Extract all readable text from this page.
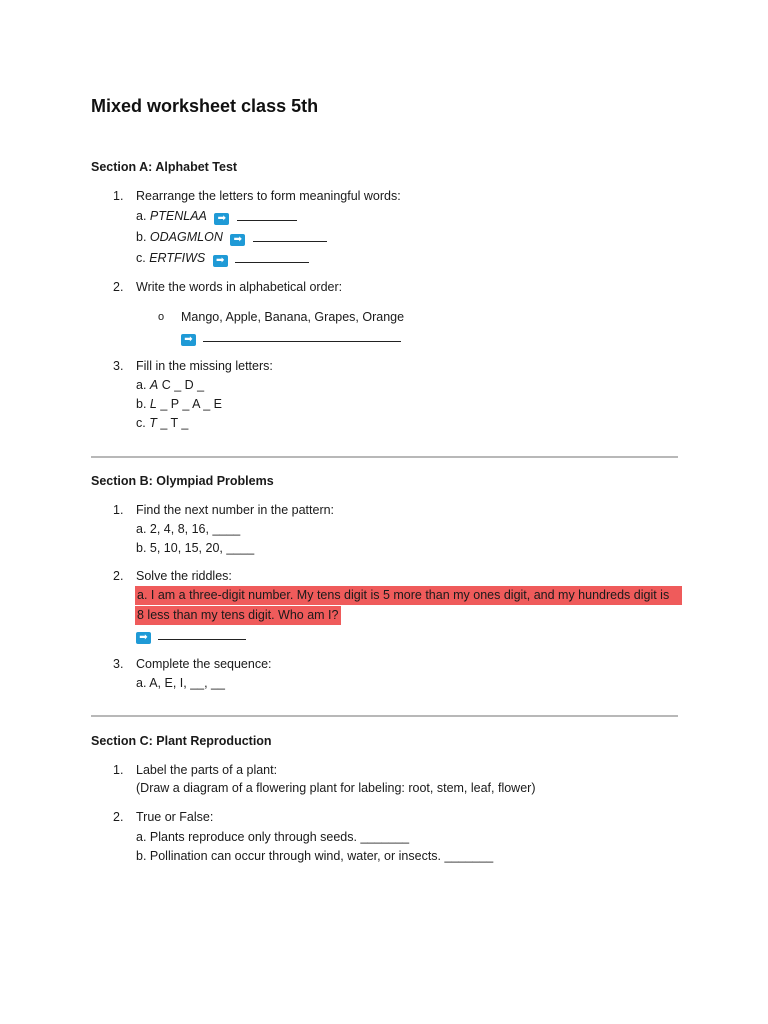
Mixed worksheet class 5th
Section A: Alphabet Test
1. Rearrange the letters to form meaningful words:
a. PTENLAA ➡
b. ODAGMLON ➡
c. ERTFIWS ➡
2. Write the words in alphabetical order:
o Mango, Apple, Banana, Grapes, Orange
➡
3. Fill in the missing letters:
a. A C _ D _
b. L _ P _ A _ E
c. T _ T _
Section B: Olympiad Problems
1. Find the next number in the pattern:
a. 2, 4, 8, 16, ____
b. 5, 10, 15, 20, ____
2. Solve the riddles:
a. I am a three-digit number. My tens digit is 5 more than my ones digit, and my hundreds digit is
8 less than my tens digit. Who am I?
➡
3. Complete the sequence:
a. A, E, I, __, __
Section C: Plant Reproduction
1. Label the parts of a plant:
(Draw a diagram of a flowering plant for labeling: root, stem, leaf, flower)
2. True or False:
a. Plants reproduce only through seeds. _______
b. Pollination can occur through wind, water, or insects. _______
